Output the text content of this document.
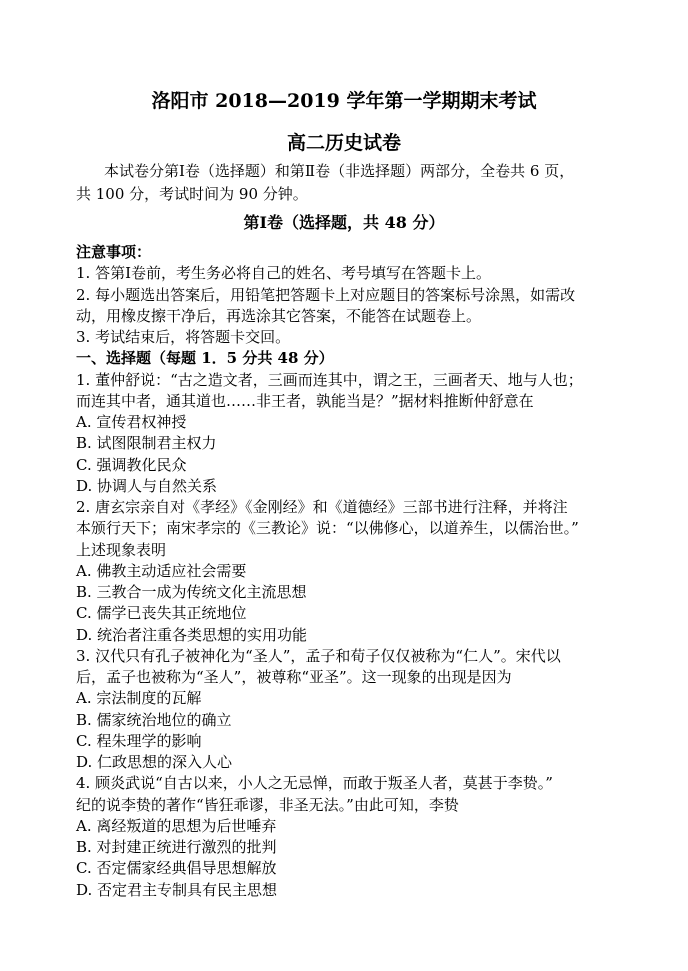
洛阳市 2018—2019 学年第一学期期末考试
高二历史试卷
本试卷分第Ⅰ卷（选择题）和第Ⅱ卷（非选择题）两部分，全卷共 6 页，
共 100 分，考试时间为 90 分钟。
第Ⅰ卷（选择题，共 48 分）
注意事项：
1. 答第Ⅰ卷前，考生务必将自己的姓名、考号填写在答题卡上。
2. 每小题选出答案后，用铅笔把答题卡上对应题目的答案标号涂黑，如需改
动，用橡皮擦干净后，再选涂其它答案，不能答在试题卷上。
3. 考试结束后，将答题卡交回。
一、选择题（每题 1．5 分共 48 分）
1. 董仲舒说：“古之造文者，三画而连其中，谓之王，三画者天、地与人也；
而连其中者，通其道也……非王者，孰能当是？”据材料推断仲舒意在
A. 宣传君权神授
B. 试图限制君主权力
C. 强调教化民众
D. 协调人与自然关系
2. 唐玄宗亲自对《孝经》《金刚经》和《道德经》三部书进行注释，并将注
本颁行天下；南宋孝宗的《三教论》说：“以佛修心，以道养生，以儒治世。”
上述现象表明
A. 佛教主动适应社会需要
B. 三教合一成为传统文化主流思想
C. 儒学已丧失其正统地位
D. 统治者注重各类思想的实用功能
3. 汉代只有孔子被神化为“圣人”，孟子和荀子仅仅被称为“仁人”。宋代以
后，孟子也被称为“圣人”，被尊称“亚圣”。这一现象的出现是因为
A. 宗法制度的瓦解
B. 儒家统治地位的确立
C. 程朱理学的影响
D. 仁政思想的深入人心
4. 顾炎武说“自古以来，小人之无忌惮，而敢于叛圣人者，莫甚于李贽。”
纪的说李贽的著作“皆狂乖谬，非圣无法。”由此可知，李贽
A. 离经叛道的思想为后世唾弃
B. 对封建正统进行激烈的批判
C. 否定儒家经典倡导思想解放
D. 否定君主专制具有民主思想
